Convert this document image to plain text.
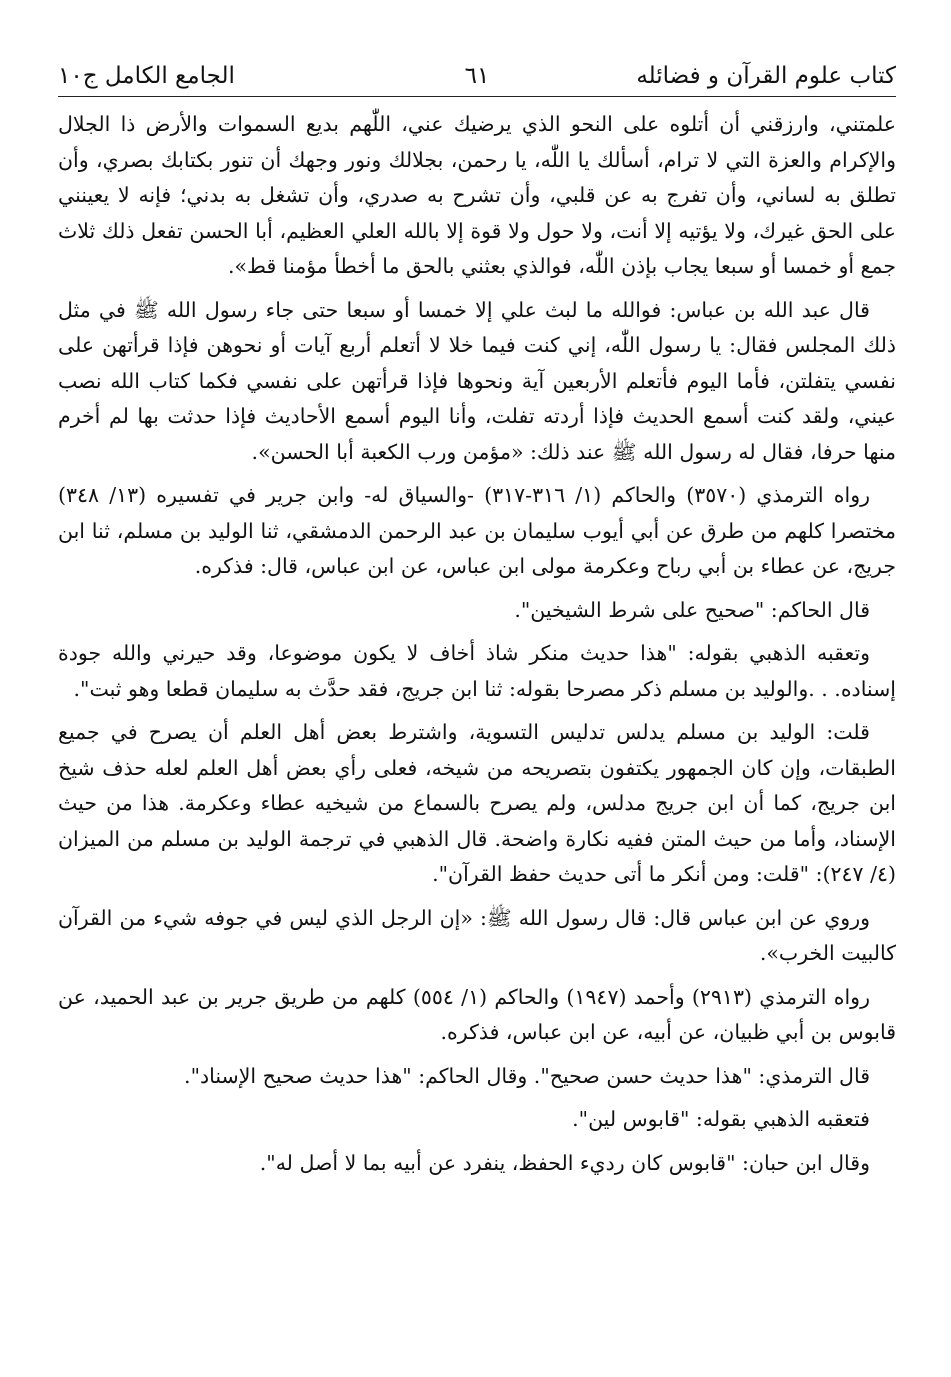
كتاب علوم القرآن و فضائله
٦١
الجامع الكامل ج١٠

علمتني، وارزقني أن أتلوه على النحو الذي يرضيك عني، اللّٰهم بديع السموات والأرض ذا الجلال والإكرام والعزة التي لا ترام، أسألك يا اللّٰه، يا رحمن، بجلالك ونور وجهك أن تنور بكتابك بصري، وأن تطلق به لساني، وأن تفرج به عن قلبي، وأن تشرح به صدري، وأن تشغل به بدني؛ فإنه لا يعينني على الحق غيرك، ولا يؤتيه إلا أنت، ولا حول ولا قوة إلا بالله العلي العظيم، أبا الحسن تفعل ذلك ثلاث جمع أو خمسا أو سبعا يجاب بإذن اللّٰه، فوالذي بعثني بالحق ما أخطأ مؤمنا قط».

قال عبد الله بن عباس: فوالله ما لبث علي إلا خمسا أو سبعا حتى جاء رسول الله ﷺ في مثل ذلك المجلس فقال: يا رسول اللّٰه، إني كنت فيما خلا لا أتعلم أربع آيات أو نحوهن فإذا قرأتهن على نفسي يتفلتن، فأما اليوم فأتعلم الأربعين آية ونحوها فإذا قرأتهن على نفسي فكما كتاب الله نصب عيني، ولقد كنت أسمع الحديث فإذا أردته تفلت، وأنا اليوم أسمع الأحاديث فإذا حدثت بها لم أخرم منها حرفا، فقال له رسول الله ﷺ عند ذلك: «مؤمن ورب الكعبة أبا الحسن».

رواه الترمذي (٣٥٧٠) والحاكم (١/ ٣١٦-٣١٧) -والسياق له- وابن جرير في تفسيره (١٣/ ٣٤٨) مختصرا كلهم من طرق عن أبي أيوب سليمان بن عبد الرحمن الدمشقي، ثنا الوليد بن مسلم، ثنا ابن جريج، عن عطاء بن أبي رباح وعكرمة مولى ابن عباس، عن ابن عباس، قال: فذكره.

قال الحاكم: "صحيح على شرط الشيخين".

وتعقبه الذهبي بقوله: "هذا حديث منكر شاذ أخاف لا يكون موضوعا، وقد حيرني والله جودة إسناده. . .والوليد بن مسلم ذكر مصرحا بقوله: ثنا ابن جريج، فقد حدَّث به سليمان قطعا وهو ثبت".

قلت: الوليد بن مسلم يدلس تدليس التسوية، واشترط بعض أهل العلم أن يصرح في جميع الطبقات، وإن كان الجمهور يكتفون بتصريحه من شيخه، فعلى رأي بعض أهل العلم لعله حذف شيخ ابن جريج، كما أن ابن جريج مدلس، ولم يصرح بالسماع من شيخيه عطاء وعكرمة. هذا من حيث الإسناد، وأما من حيث المتن ففيه نكارة واضحة. قال الذهبي في ترجمة الوليد بن مسلم من الميزان (٤/ ٢٤٧): "قلت: ومن أنكر ما أتى حديث حفظ القرآن".

وروي عن ابن عباس قال: قال رسول الله ﷺ: «إن الرجل الذي ليس في جوفه شيء من القرآن كالبيت الخرب».

رواه الترمذي (٢٩١٣) وأحمد (١٩٤٧) والحاكم (١/ ٥٥٤) كلهم من طريق جرير بن عبد الحميد، عن قابوس بن أبي ظبيان، عن أبيه، عن ابن عباس، فذكره.

قال الترمذي: "هذا حديث حسن صحيح". وقال الحاكم: "هذا حديث صحيح الإسناد".

فتعقبه الذهبي بقوله: "قابوس لين".

وقال ابن حبان: "قابوس كان رديء الحفظ، ينفرد عن أبيه بما لا أصل له".
